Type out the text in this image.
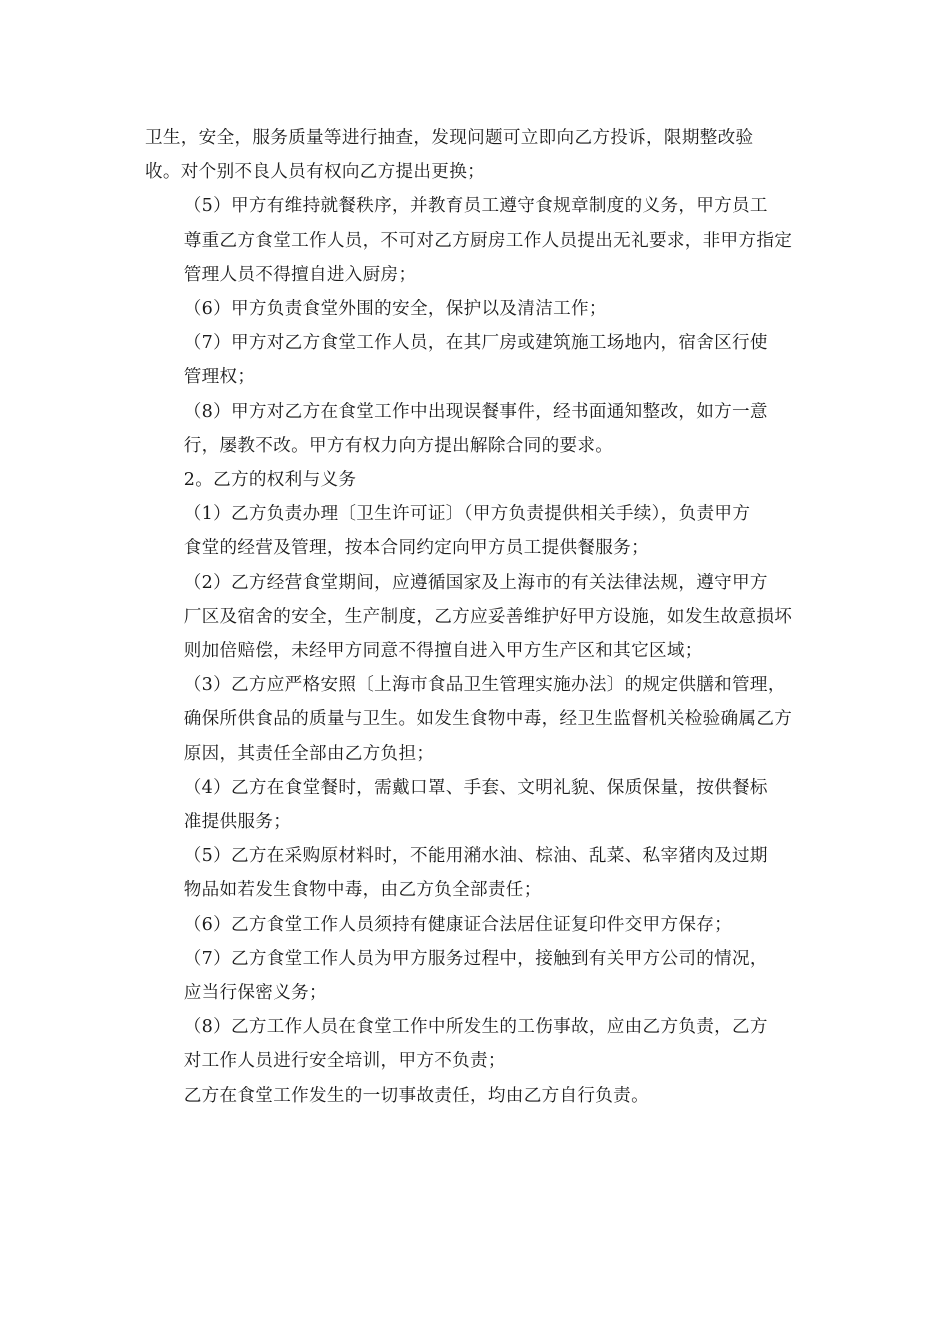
卫生，安全，服务质量等进行抽查，发现问题可立即向乙方投诉，限期整改验
收。对个别不良人员有权向乙方提出更换；

（5）甲方有维持就餐秩序，并教育员工遵守食规章制度的义务，甲方员工
尊重乙方食堂工作人员，不可对乙方厨房工作人员提出无礼要求，非甲方指定
管理人员不得擅自进入厨房；

（6）甲方负责食堂外围的安全，保护以及清洁工作；

（7）甲方对乙方食堂工作人员，在其厂房或建筑施工场地内，宿舍区行使
管理权；

（8）甲方对乙方在食堂工作中出现误餐事件，经书面通知整改，如方一意
行，屡教不改。甲方有权力向方提出解除合同的要求。

2。乙方的权利与义务

（1）乙方负责办理〔卫生许可证〕（甲方负责提供相关手续），负责甲方
食堂的经营及管理，按本合同约定向甲方员工提供餐服务；

（2）乙方经营食堂期间，应遵循国家及上海市的有关法律法规，遵守甲方
厂区及宿舍的安全，生产制度，乙方应妥善维护好甲方设施，如发生故意损坏
则加倍赔偿，未经甲方同意不得擅自进入甲方生产区和其它区域；

（3）乙方应严格安照〔上海市食品卫生管理实施办法〕的规定供膳和管理，
确保所供食品的质量与卫生。如发生食物中毒，经卫生监督机关检验确属乙方
原因，其责任全部由乙方负担；

（4）乙方在食堂餐时，需戴口罩、手套、文明礼貌、保质保量，按供餐标
准提供服务；

（5）乙方在采购原材料时，不能用潲水油、棕油、乱菜、私宰猪肉及过期
物品如若发生食物中毒，由乙方负全部责任；

（6）乙方食堂工作人员须持有健康证合法居住证复印件交甲方保存；

（7）乙方食堂工作人员为甲方服务过程中，接触到有关甲方公司的情况，
应当行保密义务；

（8）乙方工作人员在食堂工作中所发生的工伤事故，应由乙方负责，乙方
对工作人员进行安全培训，甲方不负责；

乙方在食堂工作发生的一切事故责任，均由乙方自行负责。
